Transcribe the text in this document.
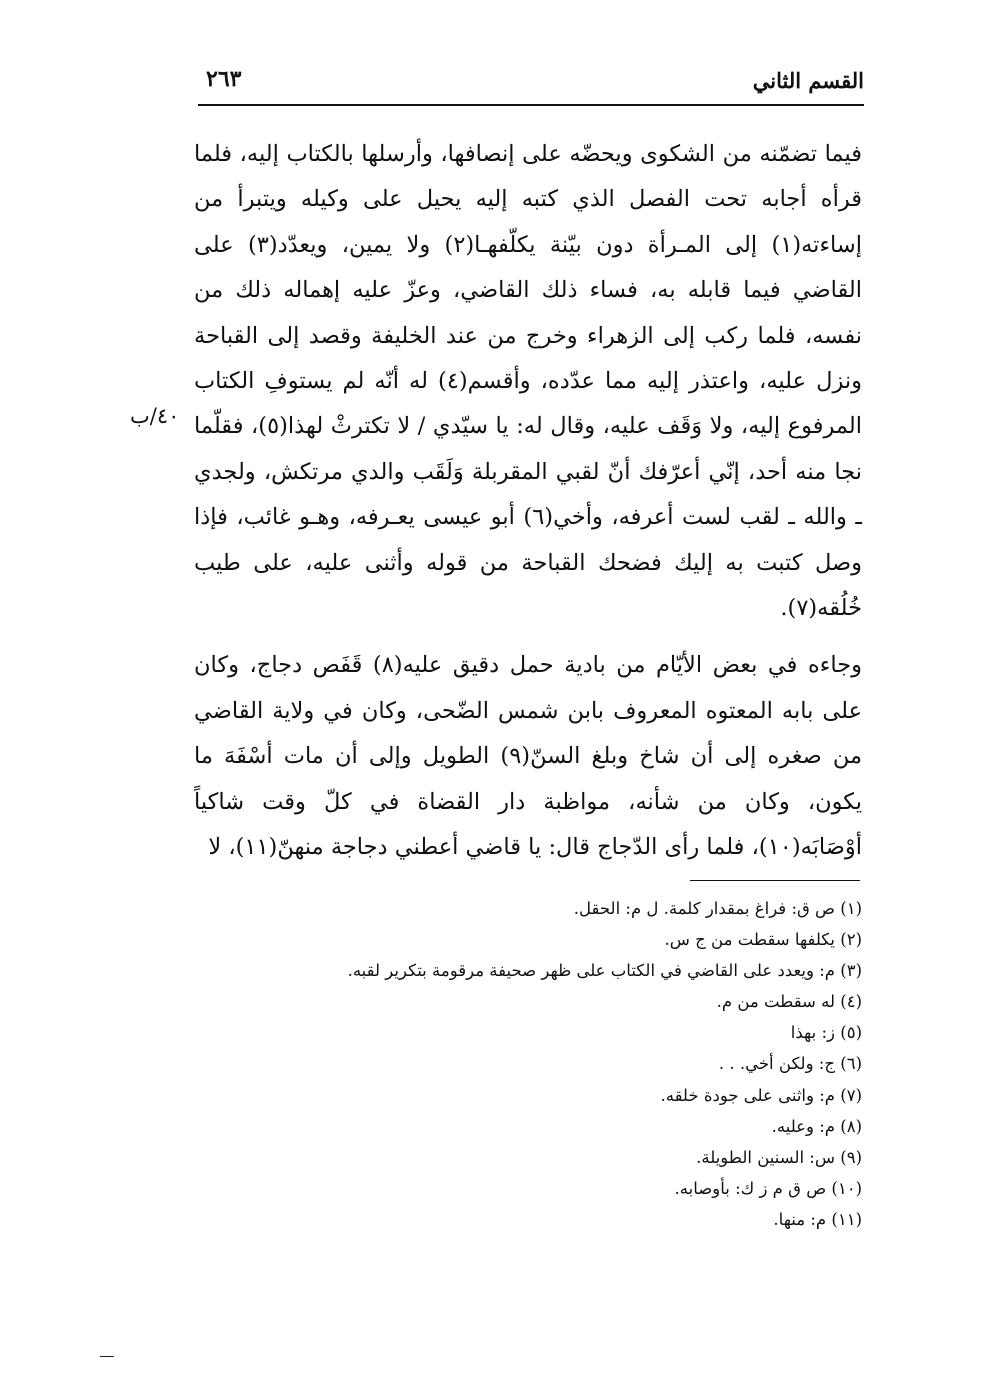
القسم الثاني
٢٦٣
٤٠/ب

فيما تضمّنه من الشكوى ويحضّه على إنصافها، وأرسلها بالكتاب إليه، فلما قرأه أجابه تحت الفصل الذي كتبه إليه يحيل على وكيله ويتبرأ من إساءته(١) إلى المـرأة دون بيّنة يكلّفهـا(٢) ولا يمين، ويعدّد(٣) على القاضي فيما قابله به، فساء ذلك القاضي، وعزّ عليه إهماله ذلك من نفسه، فلما ركب إلى الزهراء وخرج من عند الخليفة وقصد إلى القباحة ونزل عليه، واعتذر إليه مما عدّده، وأقسم(٤) له أنّه لم يستوفِ الكتاب المرفوع إليه، ولا وَقَف عليه، وقال له: يا سيّدي / لا تكترثْ لهذا(٥)، فقلّما نجا منه أحد، إنّي أعرّفك أنّ لقبي المقربلة وَلَقَب والدي مرتكش، ولجدي ـ والله ـ لقب لست أعرفه، وأخي(٦) أبو عيسى يعـرفه، وهـو غائب، فإذا وصل كتبت به إليك فضحك القباحة من قوله وأثنى عليه، على طيب خُلُقه(٧).

وجاءه في بعض الأيّام من بادية حمل دقيق عليه(٨) قَفَص دجاج، وكان على بابه المعتوه المعروف بابن شمس الضّحى، وكان في ولاية القاضي من صغره إلى أن شاخ وبلغ السنّ(٩) الطويل وإلى أن مات أسْفَهَ ما يكون، وكان من شأنه، مواظبة دار القضاة في كلّ وقت شاكياً أوْصَابَه(١٠)، فلما رأى الدّجاج قال: يا قاضي أعطني دجاجة منهنّ(١١)، لا

(١) ص ق: فراغ بمقدار كلمة. ل م: الحقل.
(٢) يكلفها سقطت من ج س.
(٣) م: ويعدد على القاضي في الكتاب على ظهر صحيفة مرقومة بتكرير لقبه.
(٤) له سقطت من م.
(٥) ز: بهذا
(٦) ج: ولكن أخي. . .
(٧) م: واثنى على جودة خلقه.
(٨) م: وعليه.
(٩) س: السنين الطويلة.
(١٠) ص ق م ز ك: بأوصابه.
(١١) م: منها.
